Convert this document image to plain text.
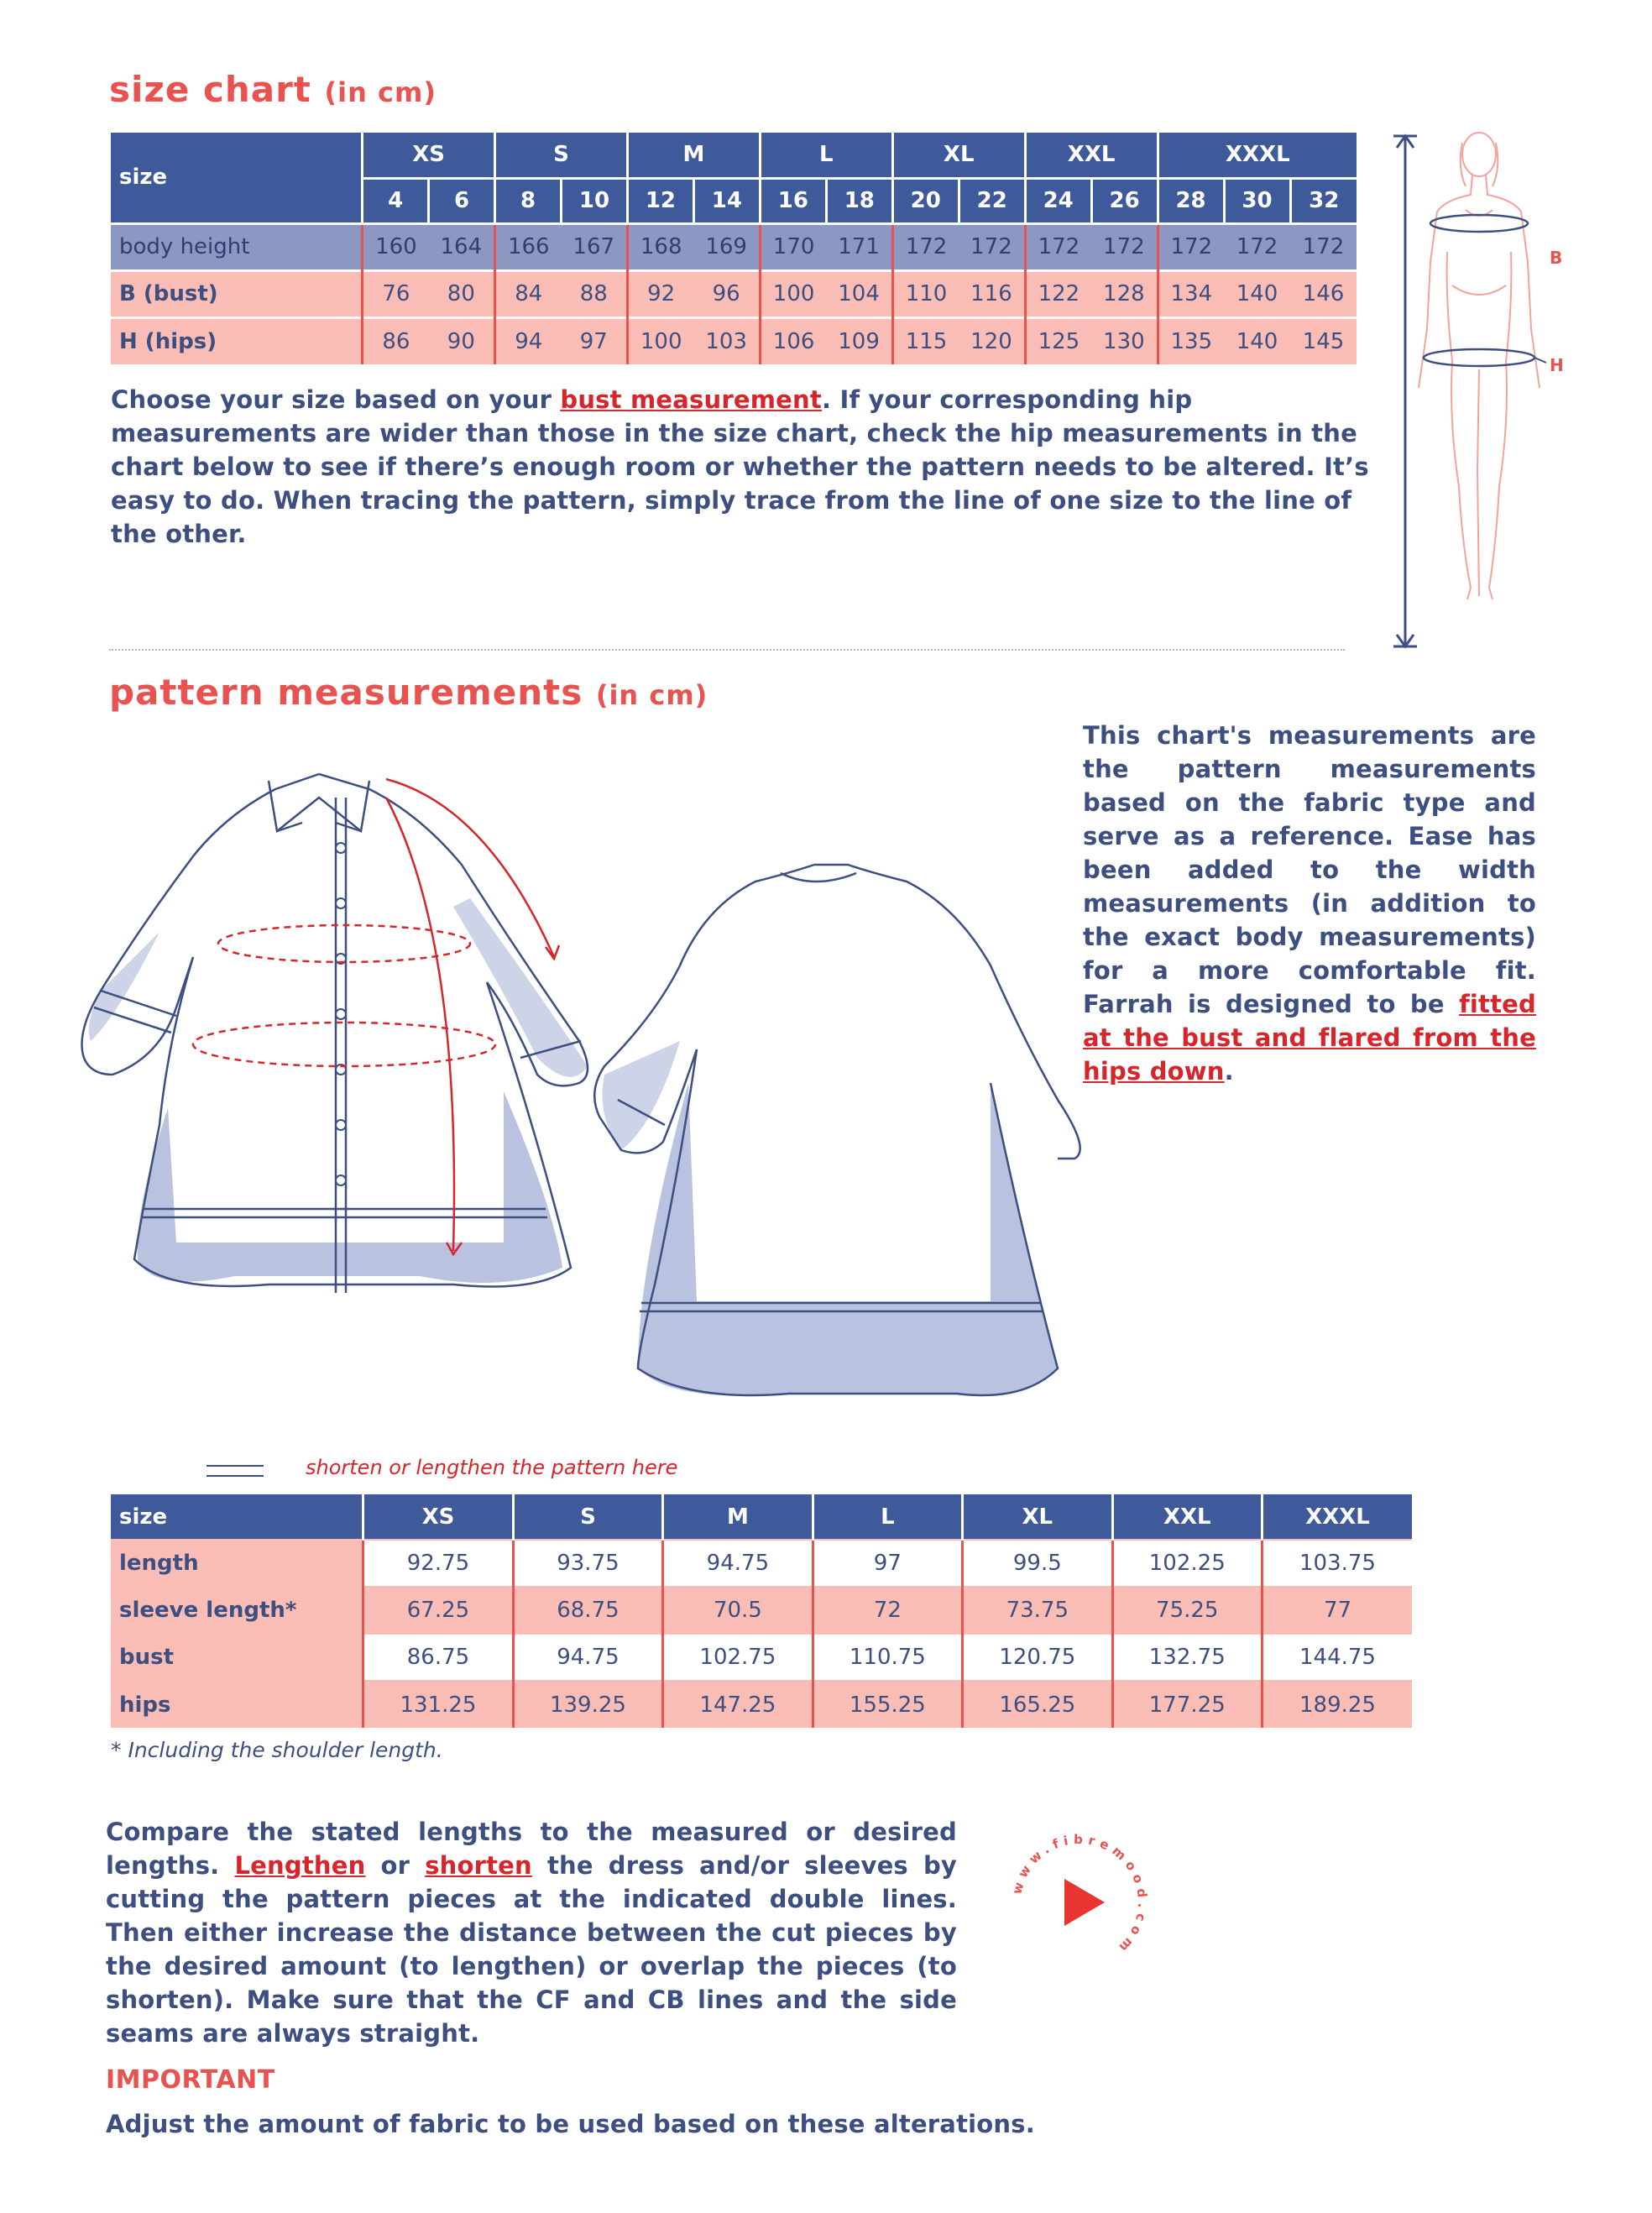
size chart (in cm)
size	XS		S		M		L		XL		XXL		XXXL		
	4	6	8	10	12	14	16	18	20	22	24	26	28	30	32
body height	160	164	166	167	168	169	170	171	172	172	172	172	172	172	172
B (bust)	76	80	84	88	92	96	100	104	110	116	122	128	134	140	146
H (hips)	86	90	94	97	100	103	106	109	115	120	125	130	135	140	145
Choose your size based on your bust measurement. If your corresponding hip measurements are wider than those in the size chart, check the hip measurements in the chart below to see if there’s enough room or whether the pattern needs to be altered. It’s easy to do. When tracing the pattern, simply trace from the line of one size to the line of the other.
B
H
pattern measurements (in cm)
This chart's measurements are the pattern measurements based on the fabric type and serve as a reference. Ease has been added to the width measurements (in addition to the exact body measurements) for a more comfortable fit. Farrah is designed to be fitted at the bust and flared from the hips down.
shorten or lengthen the pattern here
size	XS	S	M	L	XL	XXL	XXXL
length	92.75	93.75	94.75	97	99.5	102.25	103.75
sleeve length*	67.25	68.75	70.5	72	73.75	75.25	77
bust	86.75	94.75	102.75	110.75	120.75	132.75	144.75
hips	131.25	139.25	147.25	155.25	165.25	177.25	189.25
* Including the shoulder length.
Compare the stated lengths to the measured or desired lengths. Lengthen or shorten the dress and/or sleeves by cutting the pattern pieces at the indicated double lines. Then either increase the distance between the cut pieces by the desired amount (to lengthen) or overlap the pieces (to shorten). Make sure that the CF and CB lines and the side seams are always straight.
www.fibremood.com
IMPORTANT
Adjust the amount of fabric to be used based on these alterations.
